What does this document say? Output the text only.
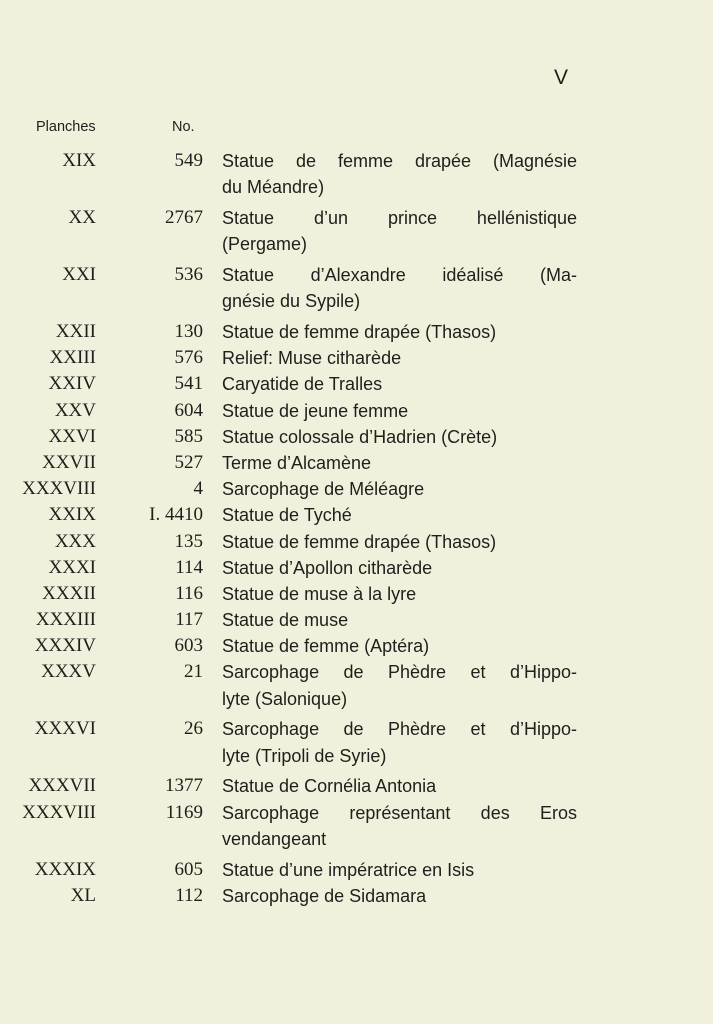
V
Planches	No.
XIX	549 Statue de femme drapée (Magnésie
du Méandre)
XX	2767 Statue d’un prince hellénistique
(Pergame)
XXI	536 Statue d’Alexandre idéalisé (Ma-
gnésie du Sypile)
XXII	130 Statue de femme drapée (Thasos)
XXIII	576 Relief: Muse citharède
XXIV	541 Caryatide de Tralles
XXV	604 Statue de jeune femme
XXVI	585 Statue colossale d’Hadrien (Crète)
XXVII	527 Terme d’Alcamène
XXXVIII	4 Sarcophage de Méléagre
XXIX	I. 4410 Statue de Tyché
XXX	135 Statue de femme drapée (Thasos)
XXXI	114 Statue d’Apollon citharède
XXXII	116 Statue de muse à la lyre
XXXIII	117 Statue de muse
XXXIV	603 Statue de femme (Aptéra)
XXXV	21 Sarcophage de Phèdre et d’Hippo-
lyte (Salonique)
XXXVI	26 Sarcophage de Phèdre et d’Hippo-
lyte (Tripoli de Syrie)
XXXVII	1377 Statue de Cornélia Antonia
XXXVIII	1169 Sarcophage représentant des Eros
vendangeant
XXXIX	605 Statue d’une impératrice en Isis
XL	112 Sarcophage de Sidamara
